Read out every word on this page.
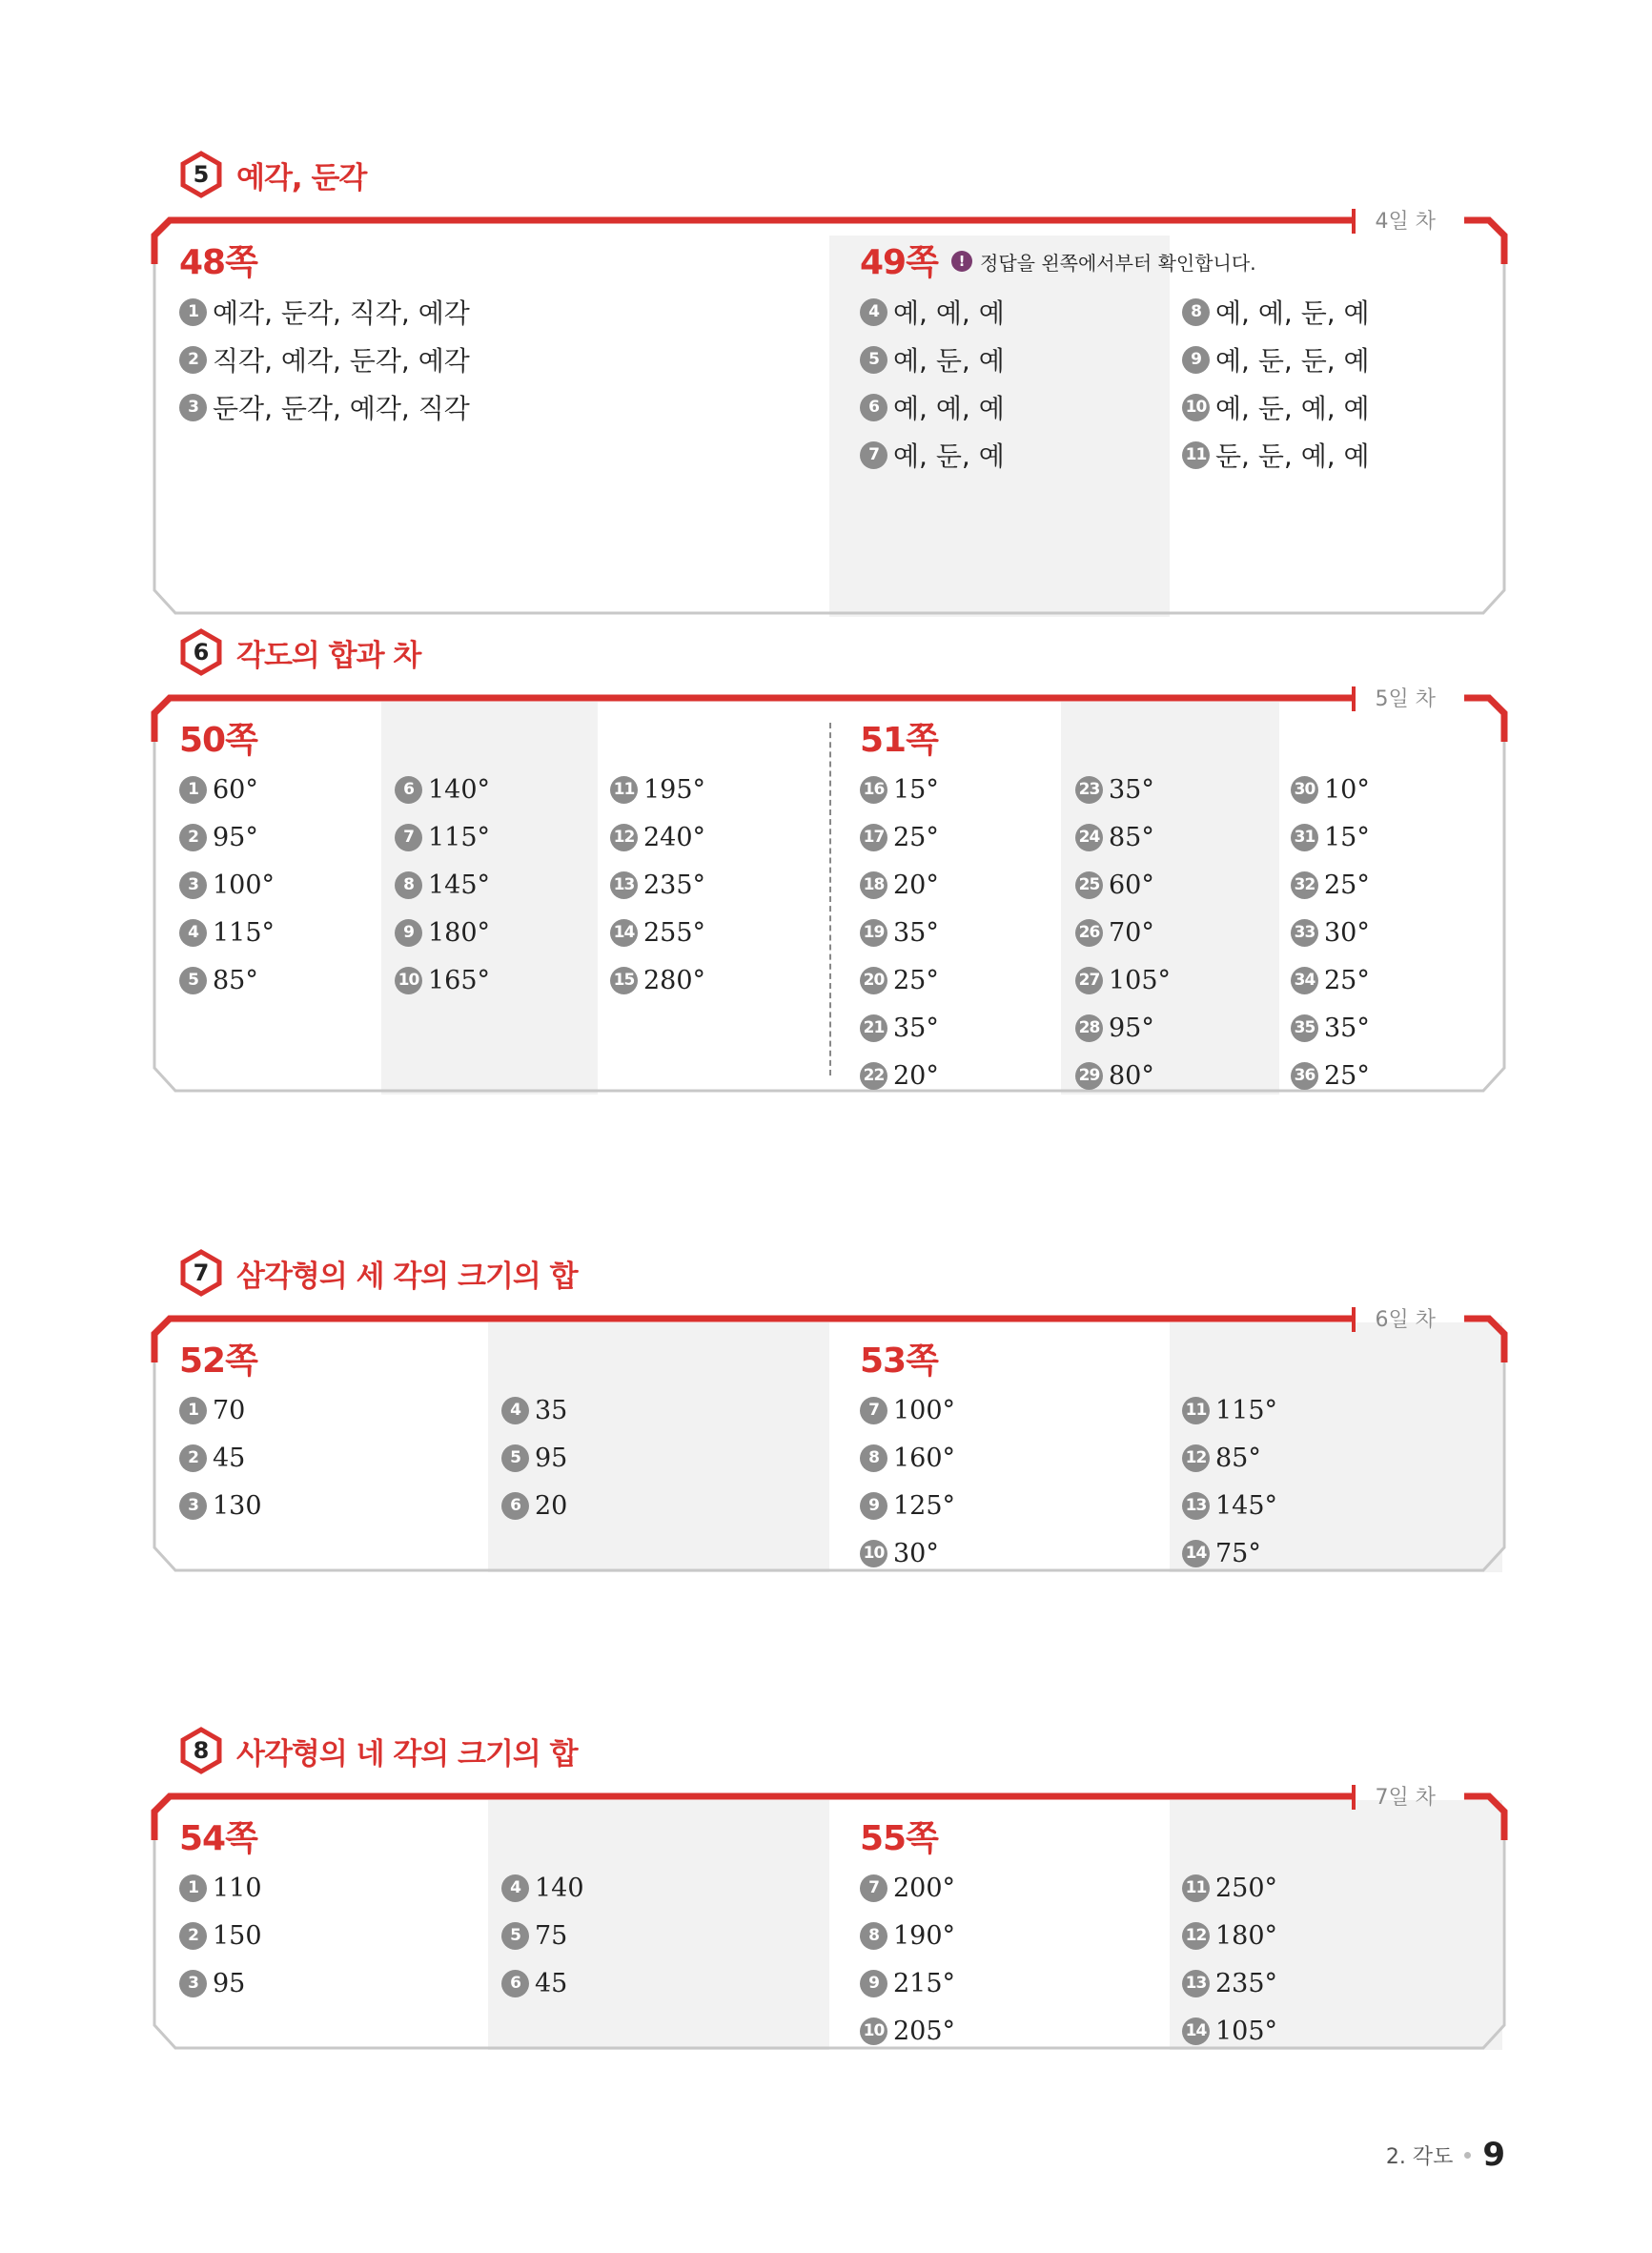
5 예각, 둔각
4일 차
48쪽	49쪽	! 정답을 왼쪽에서부터 확인합니다.
1 예각, 둔각, 직각, 예각
2 직각, 예각, 둔각, 예각
3 둔각, 둔각, 예각, 직각
4 예, 예, 예
5 예, 둔, 예
6 예, 예, 예
7 예, 둔, 예
8 예, 예, 둔, 예
9 예, 둔, 둔, 예
10 예, 둔, 예, 예
11 둔, 둔, 예, 예
6 각도의 합과 차
5일 차
50쪽	51쪽
1 60°
2 95°
3 100°
4 115°
5 85°
6 140°
7 115°
8 145°
9 180°
10 165°
11 195°
12 240°
13 235°
14 255°
15 280°
16 15°
17 25°
18 20°
19 35°
20 25°
21 35°
22 20°
23 35°
24 85°
25 60°
26 70°
27 105°
28 95°
29 80°
30 10°
31 15°
32 25°
33 30°
34 25°
35 35°
36 25°
7 삼각형의 세 각의 크기의 합
6일 차
52쪽	53쪽
1 70
2 45
3 130
4 35
5 95
6 20
7 100°
8 160°
9 125°
10 30°
11 115°
12 85°
13 145°
14 75°
8 사각형의 네 각의 크기의 합
7일 차
54쪽	55쪽
1 110
2 150
3 95
4 140
5 75
6 45
7 200°
8 190°
9 215°
10 205°
11 250°
12 180°
13 235°
14 105°
2. 각도 9
